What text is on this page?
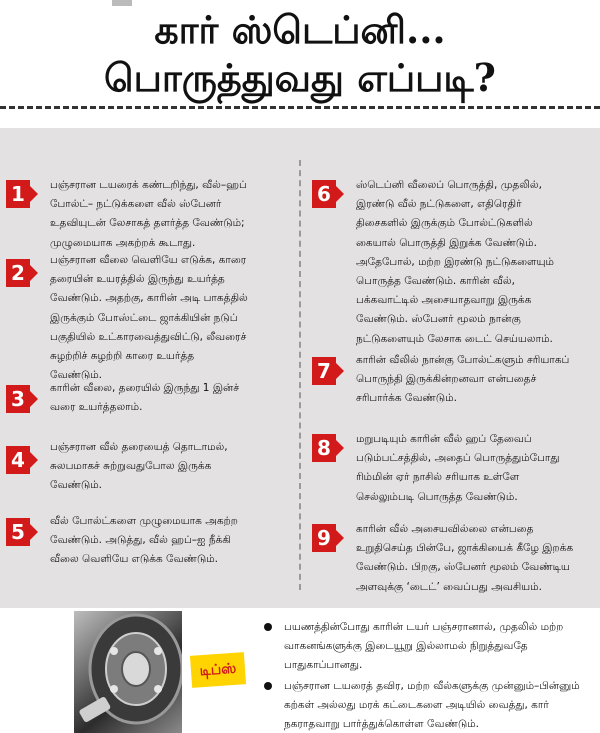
கார் ஸ்டெப்னி...
பொருத்துவது எப்படி?
1	பஞ்சரான டயரைக் கண்டறிந்து, வீல்–ஹப்
போல்ட்– நட்டுக்களை வீல் ஸ்பேனர்
உதவியுடன் லேசாகத் தளர்த்த வேண்டும்;
முழுமையாக அகற்றக் கூடாது.
2
பஞ்சரான வீலை வெளியே எடுக்க, காரை
தரையின் உயரத்தில் இருந்து உயர்த்த
வேண்டும். அதற்கு, காரின் அடி பாகத்தில்
இருக்கும் போஸ்ட்டை ஜாக்கியின் நடுப்
பகுதியில் உட்காரவைத்துவிட்டு, லீவரைச்
சுழற்றிச் சுழற்றி காரை உயர்த்த
வேண்டும்.
3	காரின் வீலை, தரையில் இருந்து 1 இன்ச்
வரை உயர்த்தலாம்.
4
பஞ்சரான வீல் தரையைத் தொடாமல்,
சுலபமாகச் சுற்றுவதுபோல இருக்க
வேண்டும்.
5	வீல் போல்ட்களை முழுமையாக அகற்ற
வேண்டும். அடுத்து, வீல் ஹப்–ஐ நீக்கி
வீலை வெளியே எடுக்க வேண்டும்.
6	ஸ்டெப்னி வீலைப் பொருத்தி, முதலில்,
இரண்டு வீல் நட்டுகளை, எதிரெதிர்
திசைகளில் இருக்கும் போல்ட்டுகளில்
கையால் பொருத்தி இறுக்க வேண்டும்.
அதேபோல், மற்ற இரண்டு நட்டுகளையும்
பொருத்த வேண்டும். காரின் வீல்,
பக்கவாட்டில் அசையாதவாறு இருக்க
வேண்டும். ஸ்பேனர் மூலம் நான்கு
நட்டுகளையும் லேசாக டைட் செய்யலாம்.
7	காரின் வீலில் நான்கு போல்ட்களும் சரியாகப்
பொருந்தி இருக்கின்றனவா என்பதைச்
சரிபார்க்க வேண்டும்.
8	மறுபடியும் காரின் வீல் ஹப் தேவைப்
படும்பட்சத்தில், அதைப் பொருத்தும்போது
ரிம்மின் ஏர் நாசில் சரியாக உள்ளே
செல்லும்படி பொருத்த வேண்டும்.
9	காரின் வீல் அசையவில்லை என்பதை
உறுதிசெய்த பின்பே, ஜாக்கியைக் கீழே இறக்க
வேண்டும். பிறகு, ஸ்பேனர் மூலம் வேண்டிய
அளவுக்கு ‘டைட்’ வைப்பது அவசியம்.
டிப்ஸ்
பயணத்தின்போது காரின் டயர் பஞ்சரானால், முதலில் மற்ற
வாகனங்களுக்கு இடையூறு இல்லாமல் நிறுத்துவதே
பாதுகாப்பானது.
பஞ்சரான டயரைத் தவிர, மற்ற வீல்களுக்கு முன்னும்–பின்னும்
கற்கள் அல்லது மரக் கட்டைகளை அடியில் வைத்து, கார்
நகராதவாறு பார்த்துக்கொள்ள வேண்டும்.
